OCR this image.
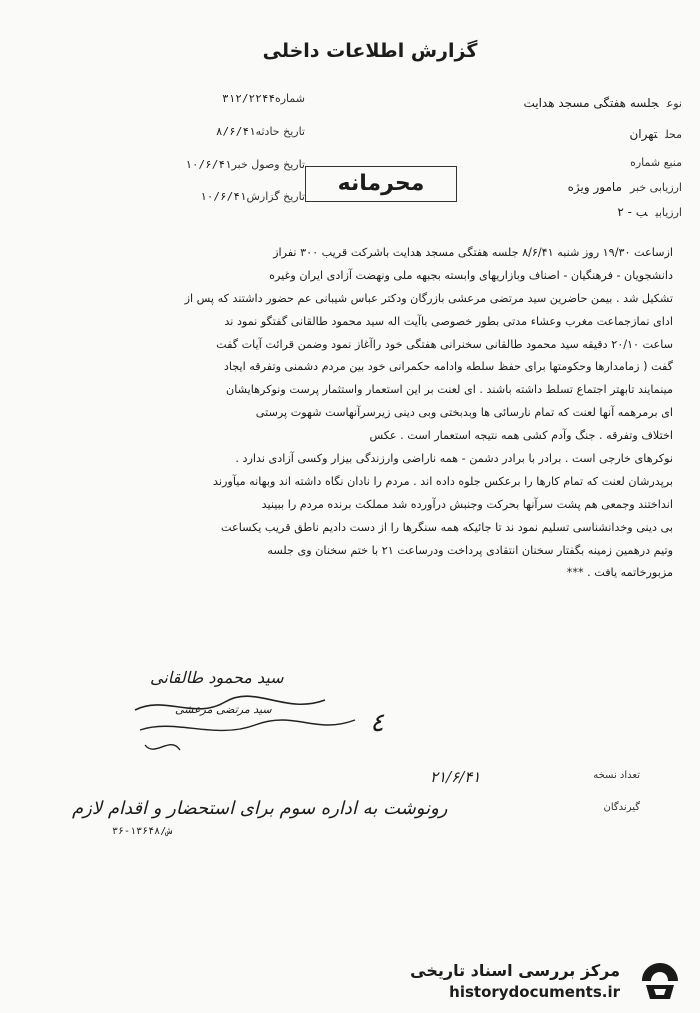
گزارش اطلاعات داخلی
شماره۳۱۲/۲۲۴۴
تاریخ حادثه۸/۶/۴۱
تاریخ وصول خبر۱۰/۶/۴۱
تاریخ گزارش۱۰/۶/۴۱
نوعجلسه هفتگی مسجد هدایت
محلتهران
منبع شماره
ارزیابی خبرمامور ویژه
ارزیابیب - ۲
محرمانه
ازساعت ۱۹/۳۰ روز شنبه ۸/۶/۴۱ جلسه هفتگی مسجد هدایت باشرکت قریب ۳۰۰ نفراز
دانشجویان - فرهنگیان - اصناف وبازاریهای وابسته بجبهه ملی ونهضت آزادی ایران وغیره
تشکیل شد . بیمن حاضرین سید مرتضی مرعشی بازرگان ودکتر عباس شیبانی عم حضور داشتند که پس از
ادای نمازجماعت مغرب وعشاء مدتی بطور خصوصی باآیت اله سید محمود طالقانی گفتگو نمود ند
ساعت ۲۰/۱۰ دقیقه سید محمود طالقانی سخنرانی هفتگی خود راآغاز نمود وضمن قرائت آیات گفت
گفت ( زمامدارها وحکومتها برای حفظ سلطه وادامه حکمرانی خود بین مردم دشمنی وتفرقه ایجاد
مینمایند تابهتر اجتماع تسلط داشته باشند . ای لعنت بر این استعمار واستثمار پرست ونوکرهایشان
ای برمرهمه آنها لعنت که تمام نارسائی ها وبدبختی وبی دینی زیرسرآنهاست شهوت پرستی
اختلاف وتفرقه . جنگ وآدم کشی همه نتیجه استعمار است . عکس
نوکرهای خارجی است . برادر با برادر دشمن - همه ناراضی وارزندگی بیزار وکسی آزادی ندارد .
برپدرشان لعنت که تمام کارها را برعکس جلوه داده اند . مردم را نادان نگاه داشته اند وبهانه میآورند
انداختند وجمعی هم پشت سرآنها بحرکت وجنبش درآورده شد مملکت برنده مردم را ببینید
بی دینی وخدانشناسی تسلیم نمود ند تا جائیکه همه سنگرها را از دست دادیم ناطق قریب یکساعت
وتیم درهمین زمینه بگفتار سخنان انتقادی پرداخت ودرساعت ۲۱ با ختم سخنان وی جلسه
مزبورخاتمه یافت . ***
سید محمود طالقانی
سید مرتضی مرعشی	٤
تعداد نسخه
گیرندگان
۲۱/۶/۴۱
رونوشت به اداره سوم برای استحضار و اقدام لازم
ش/۱۳۶۴۸-۳۶
مرکز بررسی اسناد تاریخی
historydocuments.ir
